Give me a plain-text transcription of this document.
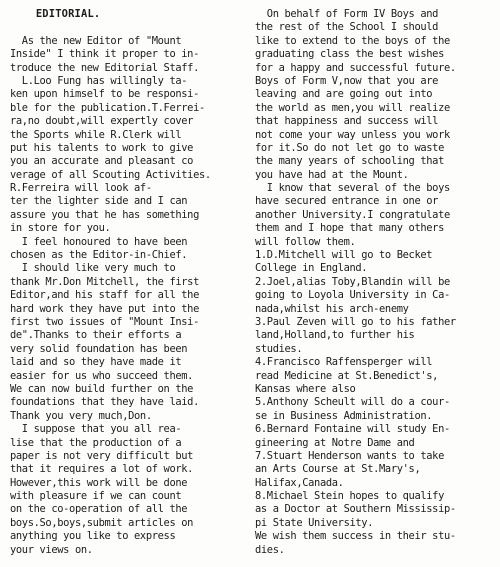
EDITORIAL.
As the new Editor of "Mount
Inside" I think it proper to in-
troduce the new Editorial Staff.
L.Loo Fung has willingly ta-
ken upon himself to be responsi-
ble for the publication.T.Ferrei-
ra,no doubt,will expertly cover
the Sports while R.Clerk will
put his talents to work to give
you an accurate and pleasant co
verage of all Scouting Activities.
R.Ferreira will look af-
ter the lighter side and I can
assure you that he has something
in store for you.
I feel honoured to have been
chosen as the Editor-in-Chief.
I should like very much to
thank Mr.Don Mitchell, the first
Editor,and his staff for all the
hard work they have put into the
first two issues of "Mount Insi-
de".Thanks to their efforts a
very solid foundation has been
laid and so they have made it
easier for us who succeed them.
We can now build further on the
foundations that they have laid.
Thank you very much,Don.
I suppose that you all rea-
lise that the production of a
paper is not very difficult but
that it requires a lot of work.
However,this work will be done
with pleasure if we can count
on the co-operation of all the
boys.So,boys,submit articles on
anything you like to express
your views on.
On behalf of Form IV Boys and
the rest of the School I should
like to extend to the boys of the
graduating class the best wishes
for a happy and successful future.
Boys of Form V,now that you are
leaving and are going out into
the world as men,you will realize
that happiness and success will
not come your way unless you work
for it.So do not let go to waste
the many years of schooling that
you have had at the Mount.
I know that several of the boys
have secured entrance in one or
another University.I congratulate
them and I hope that many others
will follow them.
1.D.Mitchell will go to Becket
College in England.
2.Joel,alias Toby,Blandin will be
going to Loyola University in Ca-
nada,whilst his arch-enemy
3.Paul Zeven will go to his father
land,Holland,to further his
studies.
4.Francisco Raffensperger will
read Medicine at St.Benedict's,
Kansas where also
5.Anthony Scheult will do a cour-
se in Business Administration.
6.Bernard Fontaine will study En-
gineering at Notre Dame and
7.Stuart Henderson wants to take
an Arts Course at St.Mary's,
Halifax,Canada.
8.Michael Stein hopes to qualify
as a Doctor at Southern Mississip-
pi State University.
We wish them success in their stu-
dies.
